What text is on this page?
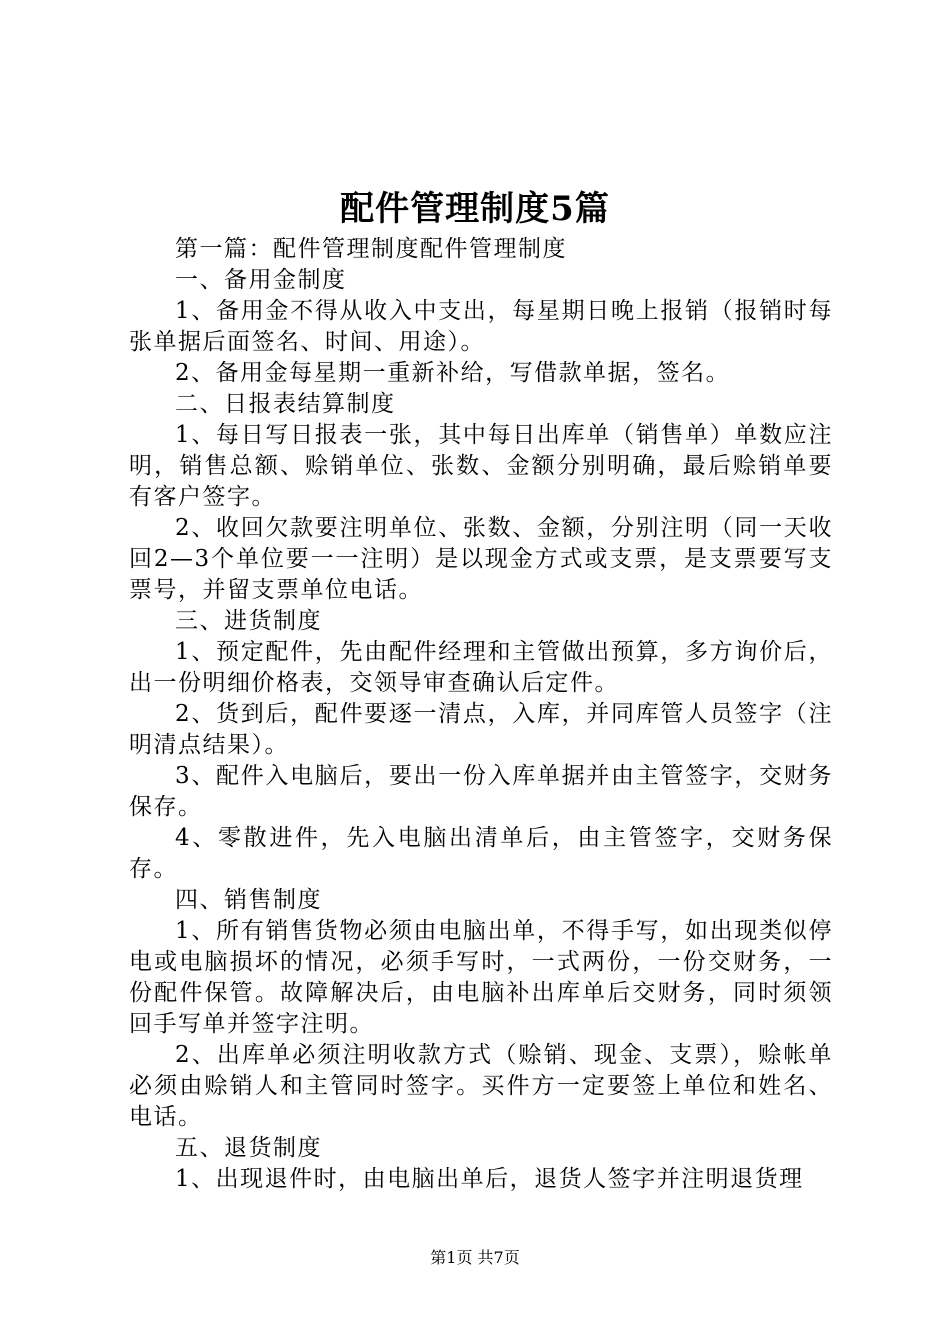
配件管理制度5篇

第一篇：配件管理制度配件管理制度

一、备用金制度

1、备用金不得从收入中支出，每星期日晚上报销（报销时每张单据后面签名、时间、用途）。

2、备用金每星期一重新补给，写借款单据，签名。

二、日报表结算制度

1、每日写日报表一张，其中每日出库单（销售单）单数应注明，销售总额、赊销单位、张数、金额分别明确，最后赊销单要有客户签字。

2、收回欠款要注明单位、张数、金额，分别注明（同一天收回2—3个单位要一一注明）是以现金方式或支票，是支票要写支票号，并留支票单位电话。

三、进货制度

1、预定配件，先由配件经理和主管做出预算，多方询价后，出一份明细价格表，交领导审查确认后定件。

2、货到后，配件要逐一清点，入库，并同库管人员签字（注明清点结果）。

3、配件入电脑后，要出一份入库单据并由主管签字，交财务保存。

4、零散进件，先入电脑出清单后，由主管签字，交财务保存。

四、销售制度

1、所有销售货物必须由电脑出单，不得手写，如出现类似停电或电脑损坏的情况，必须手写时，一式两份，一份交财务，一份配件保管。故障解决后，由电脑补出库单后交财务，同时须领回手写单并签字注明。

2、出库单必须注明收款方式（赊销、现金、支票），赊帐单必须由赊销人和主管同时签字。买件方一定要签上单位和姓名、电话。

五、退货制度

1、出现退件时，由电脑出单后，退货人签字并注明退货理

第1页 共7页
